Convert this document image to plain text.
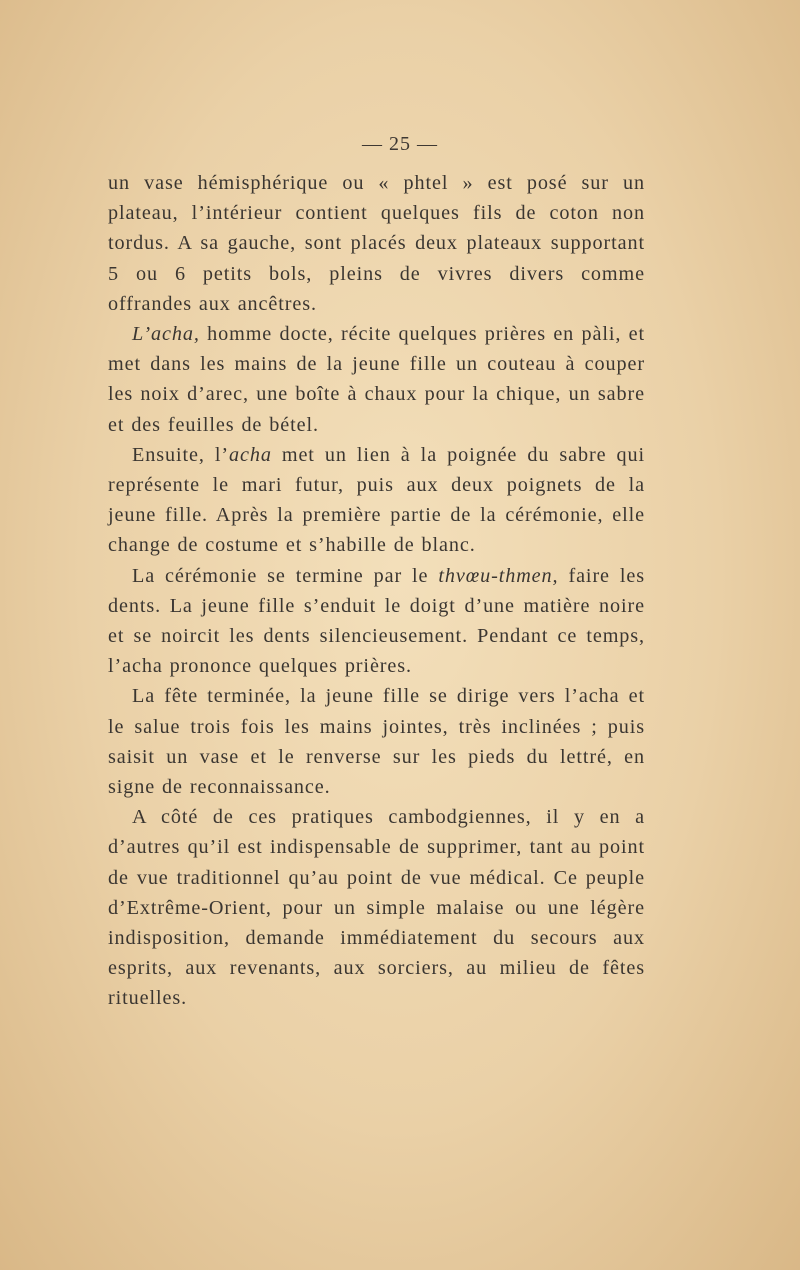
— 25 —

un vase hémisphérique ou « phtel » est posé sur un plateau, l’intérieur contient quelques fils de coton non tordus. A sa gauche, sont placés deux plateaux supportant 5 ou 6 petits bols, pleins de vivres divers comme offrandes aux ancêtres.

L’acha, homme docte, récite quelques prières en pàli, et met dans les mains de la jeune fille un couteau à couper les noix d’arec, une boîte à chaux pour la chique, un sabre et des feuilles de bétel.

Ensuite, l’acha met un lien à la poignée du sabre qui représente le mari futur, puis aux deux poignets de la jeune fille. Après la première partie de la cérémonie, elle change de costume et s’habille de blanc.

La cérémonie se termine par le thvœu-thmen, faire les dents. La jeune fille s’enduit le doigt d’une matière noire et se noircit les dents silencieusement. Pendant ce temps, l’acha prononce quelques prières.

La fête terminée, la jeune fille se dirige vers l’acha et le salue trois fois les mains jointes, très inclinées ; puis saisit un vase et le renverse sur les pieds du lettré, en signe de reconnaissance.

A côté de ces pratiques cambodgiennes, il y en a d’autres qu’il est indispensable de supprimer, tant au point de vue traditionnel qu’au point de vue médical. Ce peuple d’Extrême-Orient, pour un simple malaise ou une légère indisposition, demande immédiatement du secours aux esprits, aux revenants, aux sorciers, au milieu de fêtes rituelles.
